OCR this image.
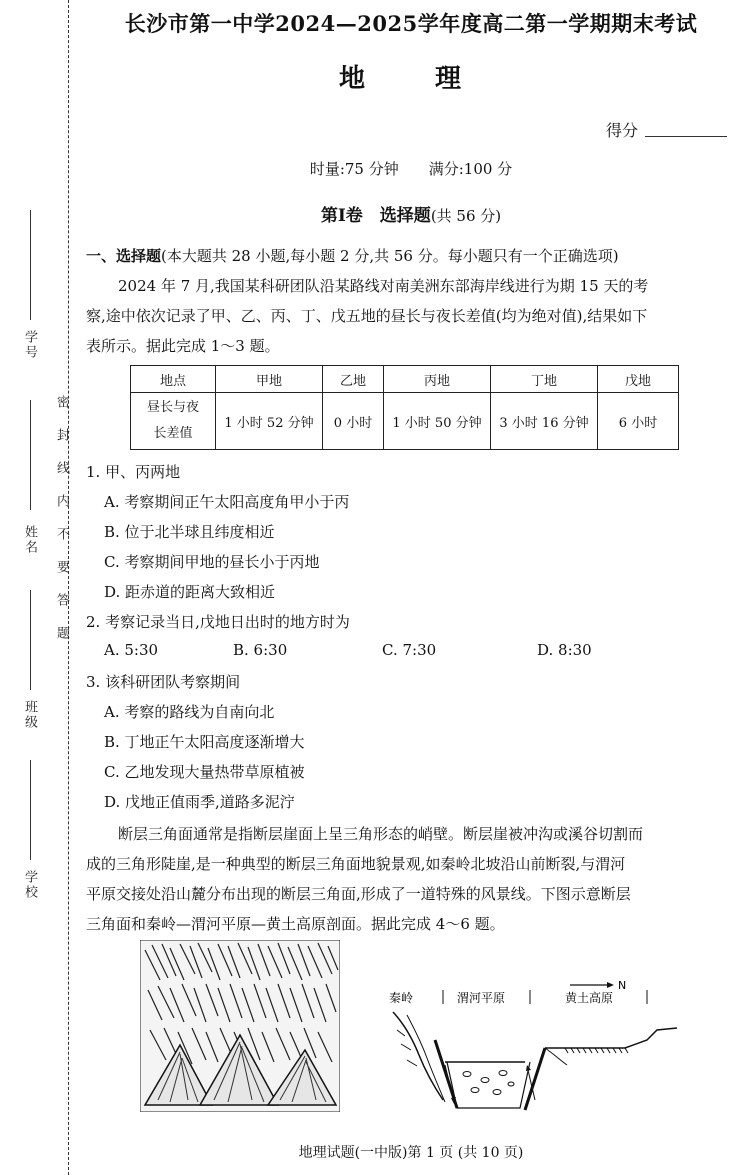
学校
班级
姓名
学号
密封线内不要答题
长沙市第一中学2024—2025学年度高二第一学期期末考试
地　理
得分
时量:75 分钟　　满分:100 分
第Ⅰ卷　选择题(共 56 分)
一、选择题(本大题共 28 小题,每小题 2 分,共 56 分。每小题只有一个正确选项)
2024 年 7 月,我国某科研团队沿某路线对南美洲东部海岸线进行为期 15 天的考
察,途中依次记录了甲、乙、丙、丁、戊五地的昼长与夜长差值(均为绝对值),结果如下
表所示。据此完成 1～3 题。
地点	甲地	乙地	丙地	丁地	戊地

昼长与夜
长差值	1 小时 52 分钟	0 小时	1 小时 50 分钟	3 小时 16 分钟	6 小时
1. 甲、丙两地
A. 考察期间正午太阳高度角甲小于丙
B. 位于北半球且纬度相近
C. 考察期间甲地的昼长小于丙地
D. 距赤道的距离大致相近
2. 考察记录当日,戊地日出时的地方时为
A. 5:30	B. 6:30	C. 7:30	D. 8:30
3. 该科研团队考察期间
A. 考察的路线为自南向北
B. 丁地正午太阳高度逐渐增大
C. 乙地发现大量热带草原植被
D. 戊地正值雨季,道路多泥泞
断层三角面通常是指断层崖面上呈三角形态的峭壁。断层崖被冲沟或溪谷切割而
成的三角形陡崖,是一种典型的断层三角面地貌景观,如秦岭北坡沿山前断裂,与渭河
平原交接处沿山麓分布出现的断层三角面,形成了一道特殊的风景线。下图示意断层
三角面和秦岭—渭河平原—黄土高原剖面。据此完成 4～6 题。
N
秦岭	渭河平原	黄土高原
地理试题(一中版)第 1 页 (共 10 页)
